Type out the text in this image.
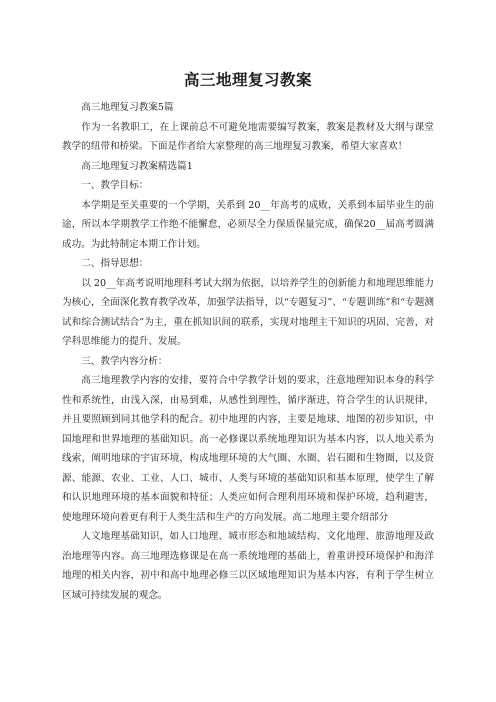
高三地理复习教案

高三地理复习教案5篇

作为一名教职工，在上课前总不可避免地需要编写教案，教案是教材及大纲与课堂教学的纽带和桥梁。下面是作者给大家整理的高三地理复习教案，希望大家喜欢！

高三地理复习教案精选篇1

一、教学目标：

本学期是至关重要的一个学期，关系到 20__年高考的成败，关系到本届毕业生的前途，所以本学期教学工作绝不能懈怠，必须尽全力保质保量完成，确保20__届高考圆满成功。为此特制定本期工作计划。

二、指导思想：

以 20__年高考说明地理科考试大纲为依据，以培养学生的创新能力和地理思维能力为核心，全面深化教育教学改革，加强学法指导，以“专题复习”、“专题训练”和“专题测试和综合测试结合”为主，重在抓知识间的联系，实现对地理主干知识的巩固、完善，对学科思维能力的提升、发展。

三、教学内容分析：

高三地理教学内容的安排，要符合中学教学计划的要求，注意地理知识本身的科学性和系统性，由浅入深，由易到难，从感性到理性，循序渐进，符合学生的认识规律，并且要照顾到同其他学科的配合。初中地理的内容，主要是地球、地图的初步知识，中国地理和世界地理的基础知识。高一必修课以系统地理知识为基本内容，以人地关系为线索，阐明地球的宇宙环境，构成地理环境的大气圈、水圈、岩石圈和生物圈，以及资源、能源、农业、工业、人口、城市、人类与环境的基础知识和基本原理，使学生了解和认识地理环境的基本面貌和特征；人类应如何合理利用环境和保护环境，趋利避害，使地理环境向着更有利于人类生活和生产的方向发展。高二地理主要介绍部分

人文地理基础知识，如人口地理、城市形态和地域结构、文化地理、旅游地理及政治地理等内容。高三地理选修课是在高一系统地理的基础上，着重讲授环境保护和海洋地理的相关内容，初中和高中地理必修三以区域地理知识为基本内容，有利于学生树立区域可持续发展的观念。
